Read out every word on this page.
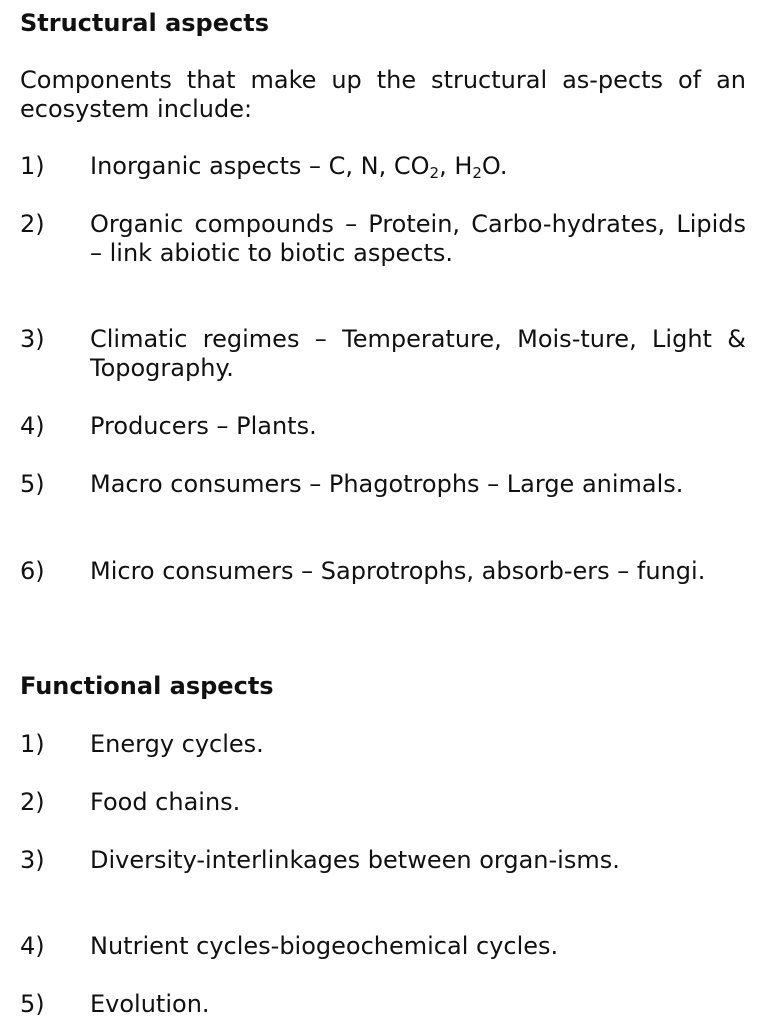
Structural aspects

Components that make up the structural as-pects of an ecosystem include:

1)	Inorganic aspects – C, N, $CO_2$, $H_2O$.
2)	Organic compounds – Protein, Carbo-hydrates, Lipids – link abiotic to biotic aspects.
3)	Climatic regimes – Temperature, Mois-ture, Light & Topography.
4)	Producers – Plants.
5)	Macro consumers – Phagotrophs – Large animals.
6)	Micro consumers – Saprotrophs, absorb-ers – fungi.
Functional aspects
1)	Energy cycles.
2)	Food chains.
3)	Diversity-interlinkages between organ-isms.
4)	Nutrient cycles-biogeochemical cycles.
5)	Evolution.
